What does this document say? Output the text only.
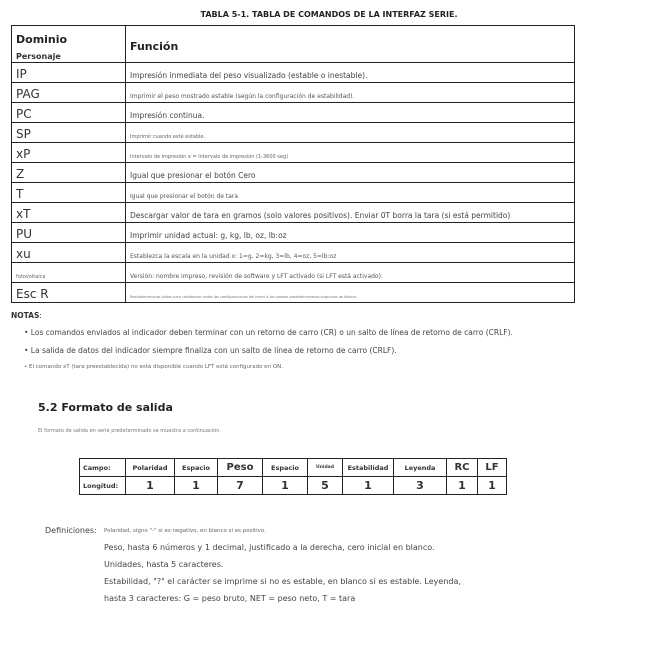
TABLA 5-1. TABLA DE COMANDOS DE LA INTERFAZ SERIE.
Dominio
Personaje	Función

IP	Impresión inmediata del peso visualizado (estable o inestable).
PAG	Imprimir el peso mostrado estable (según la configuración de estabilidad).
PC	Impresión continua.
SP	Imprimir cuando esté estable.
xP	Intervalo de impresión x = intervalo de impresión (1-3600 seg)
Z	Igual que presionar el botón Cero
T	Igual que presionar el botón de tara
xT	Descargar valor de tara en gramos (solo valores positivos). Enviar 0T borra la tara (si está permitido)
PU	Imprimir unidad actual: g, kg, lb, oz, lb:oz
xu	Establezca la escala en la unidad x: 1=g, 2=kg, 3=lb, 4=oz, 5=lb:oz
fotovoltaica	Versión: nombre impreso, revisión de software y LFT activado (si LFT está activado).
Esc R	Restablecimiento global para restablecer todas las configuraciones del menú a los valores predeterminados originales de fábrica
NOTAS:
• Los comandos enviados al indicador deben terminar con un retorno de carro (CR) o un salto de línea de retorno de carro (CRLF).
• La salida de datos del indicador siempre finaliza con un salto de línea de retorno de carro (CRLF).
• El comando xT (tara preestablecida) no está disponible cuando LFT está configurado en ON.
5.2 Formato de salida
El formato de salida en serie predeterminado se muestra a continuación.
Campo:	Polaridad	Espacio	Peso	Espacio	Unidad	Estabilidad	Leyenda	RC	LF
Longitud:	1	1	7	1	5	1	3	1	1
Definiciones: Polaridad, signo "-" si es negativo, en blanco si es positivo.
Peso, hasta 6 números y 1 decimal, justificado a la derecha, cero inicial en blanco.
Unidades, hasta 5 caracteres.
Estabilidad, "?" el carácter se imprime si no es estable, en blanco si es estable. Leyenda,
hasta 3 caracteres: G = peso bruto, NET = peso neto, T = tara
